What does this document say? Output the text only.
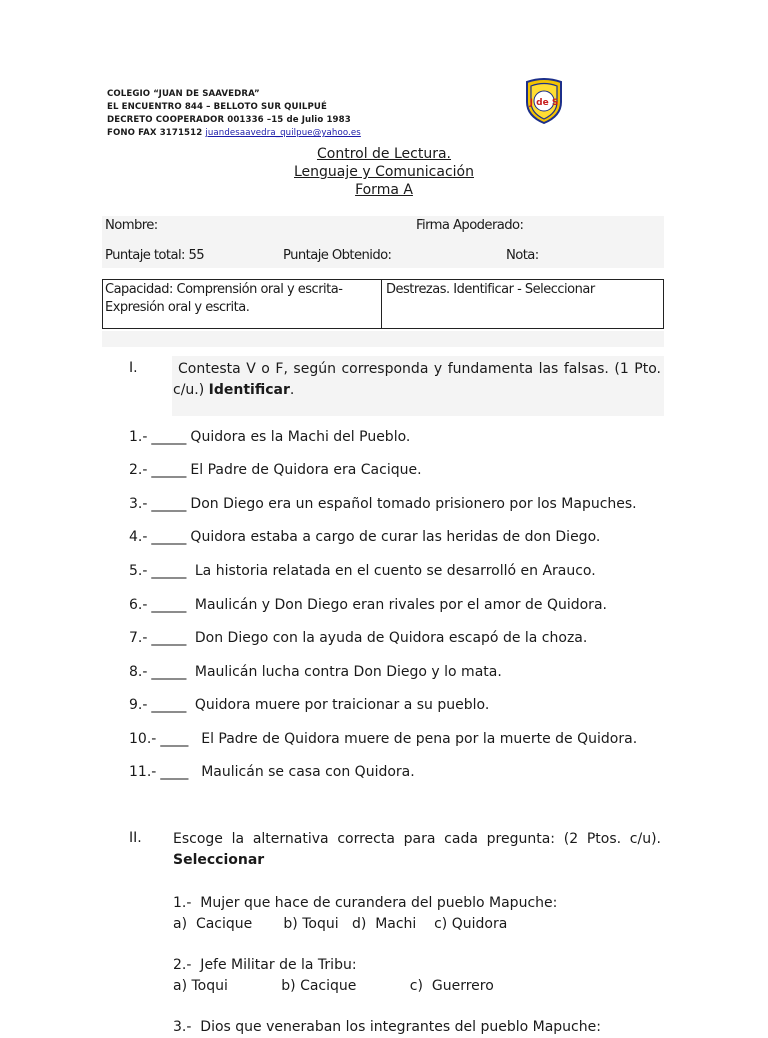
COLEGIO “JUAN DE SAAVEDRA”
EL ENCUENTRO 844 – BELLOTO SUR QUILPUÉ
DECRETO COOPERADOR 001336 –15 de Julio 1983
FONO FAX 3171512 juandesaavedra_quilpue@yahoo.es
J de S
Control de Lectura.
Lenguaje y Comunicación
Forma A
Nombre:	Firma Apoderado:
Puntaje total: 55	Puntaje Obtenido:	Nota:
Capacidad: Comprensión oral y escrita-
Expresión oral y escrita.
Destrezas. Identificar - Seleccionar
I.	Contesta V o F, según corresponda y fundamenta las falsas. (1 Pto. c/u.) Identificar.
1.- _____ Quidora es la Machi del Pueblo.
2.- _____ El Padre de Quidora era Cacique.
3.- _____ Don Diego era un español tomado prisionero por los Mapuches.
4.- _____ Quidora estaba a cargo de curar las heridas de don Diego.
5.- _____ La historia relatada en el cuento se desarrolló en Arauco.
6.- _____ Maulicán y Don Diego eran rivales por el amor de Quidora.
7.- _____ Don Diego con la ayuda de Quidora escapó de la choza.
8.- _____ Maulicán lucha contra Don Diego y lo mata.
9.- _____ Quidora muere por traicionar a su pueblo.
10.- ____  El Padre de Quidora muere de pena por la muerte de Quidora.
11.- ____  Maulicán se casa con Quidora.
II. Escoge la alternativa correcta para cada pregunta: (2 Ptos. c/u). Seleccionar
1.-  Mujer que hace de curandera del pueblo Mapuche:
a)  Cacique       b) Toqui   d)  Machi    c) Quidora
2.-  Jefe Militar de la Tribu:
a) Toqui            b) Cacique            c)  Guerrero
3.-  Dios que veneraban los integrantes del pueblo Mapuche:
